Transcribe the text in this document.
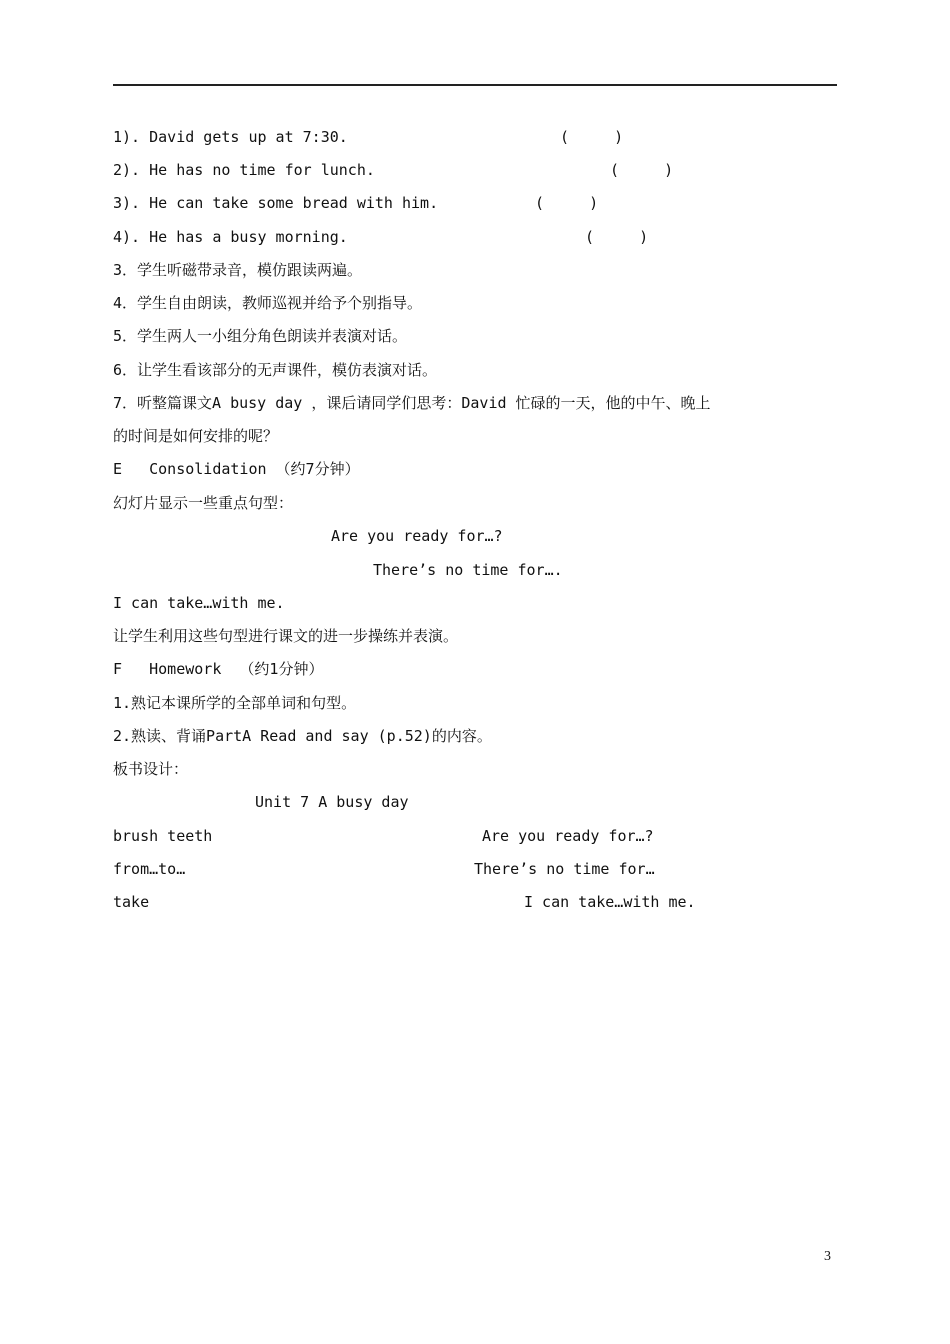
1). David gets up at 7:30.	(     )
2). He has no time for lunch.	(     )
3). He can take some bread with him.	(     )
4). He has a busy morning.	(     )
3．学生听磁带录音，模仿跟读两遍。
4．学生自由朗读，教师巡视并给予个别指导。
5．学生两人一小组分角色朗读并表演对话。
6．让学生看该部分的无声课件，模仿表演对话。
7．听整篇课文A busy day ，课后请同学们思考：David 忙碌的一天，他的中午、晚上
的时间是如何安排的呢？
E   Consolidation （约7分钟）
幻灯片显示一些重点句型：
Are you ready for…?
There’s no time for….
I can take…with me.
让学生利用这些句型进行课文的进一步操练并表演。
F   Homework  （约1分钟）
1.熟记本课所学的全部单词和句型。
2.熟读、背诵PartA Read and say (p.52)的内容。
板书设计：
Unit 7 A busy day
brush teeth	Are you ready for…?
from…to…	There’s no time for…
take	I can take…with me.
3
